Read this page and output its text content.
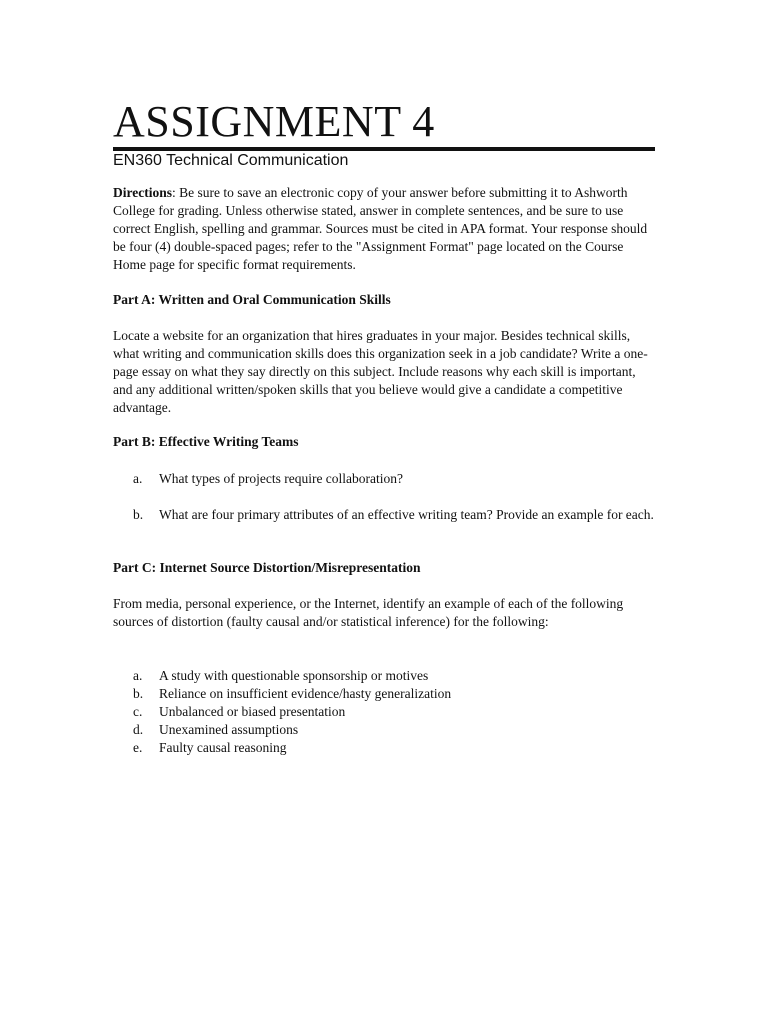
ASSIGNMENT 4
EN360 Technical Communication

Directions: Be sure to save an electronic copy of your answer before submitting it to Ashworth College for grading. Unless otherwise stated, answer in complete sentences, and be sure to use correct English, spelling and grammar. Sources must be cited in APA format. Your response should be four (4) double-spaced pages; refer to the "Assignment Format" page located on the Course Home page for specific format requirements.

Part A: Written and Oral Communication Skills
Locate a website for an organization that hires graduates in your major. Besides technical skills, what writing and communication skills does this organization seek in a job candidate? Write a one-page essay on what they say directly on this subject. Include reasons why each skill is important, and any additional written/spoken skills that you believe would give a candidate a competitive advantage.
Part B: Effective Writing Teams
a. What types of projects require collaboration?
b. What are four primary attributes of an effective writing team? Provide an example for each.
Part C: Internet Source Distortion/Misrepresentation
From media, personal experience, or the Internet, identify an example of each of the following sources of distortion (faulty causal and/or statistical inference) for the following:
a. A study with questionable sponsorship or motives
b. Reliance on insufficient evidence/hasty generalization
c. Unbalanced or biased presentation
d. Unexamined assumptions
e. Faulty causal reasoning
